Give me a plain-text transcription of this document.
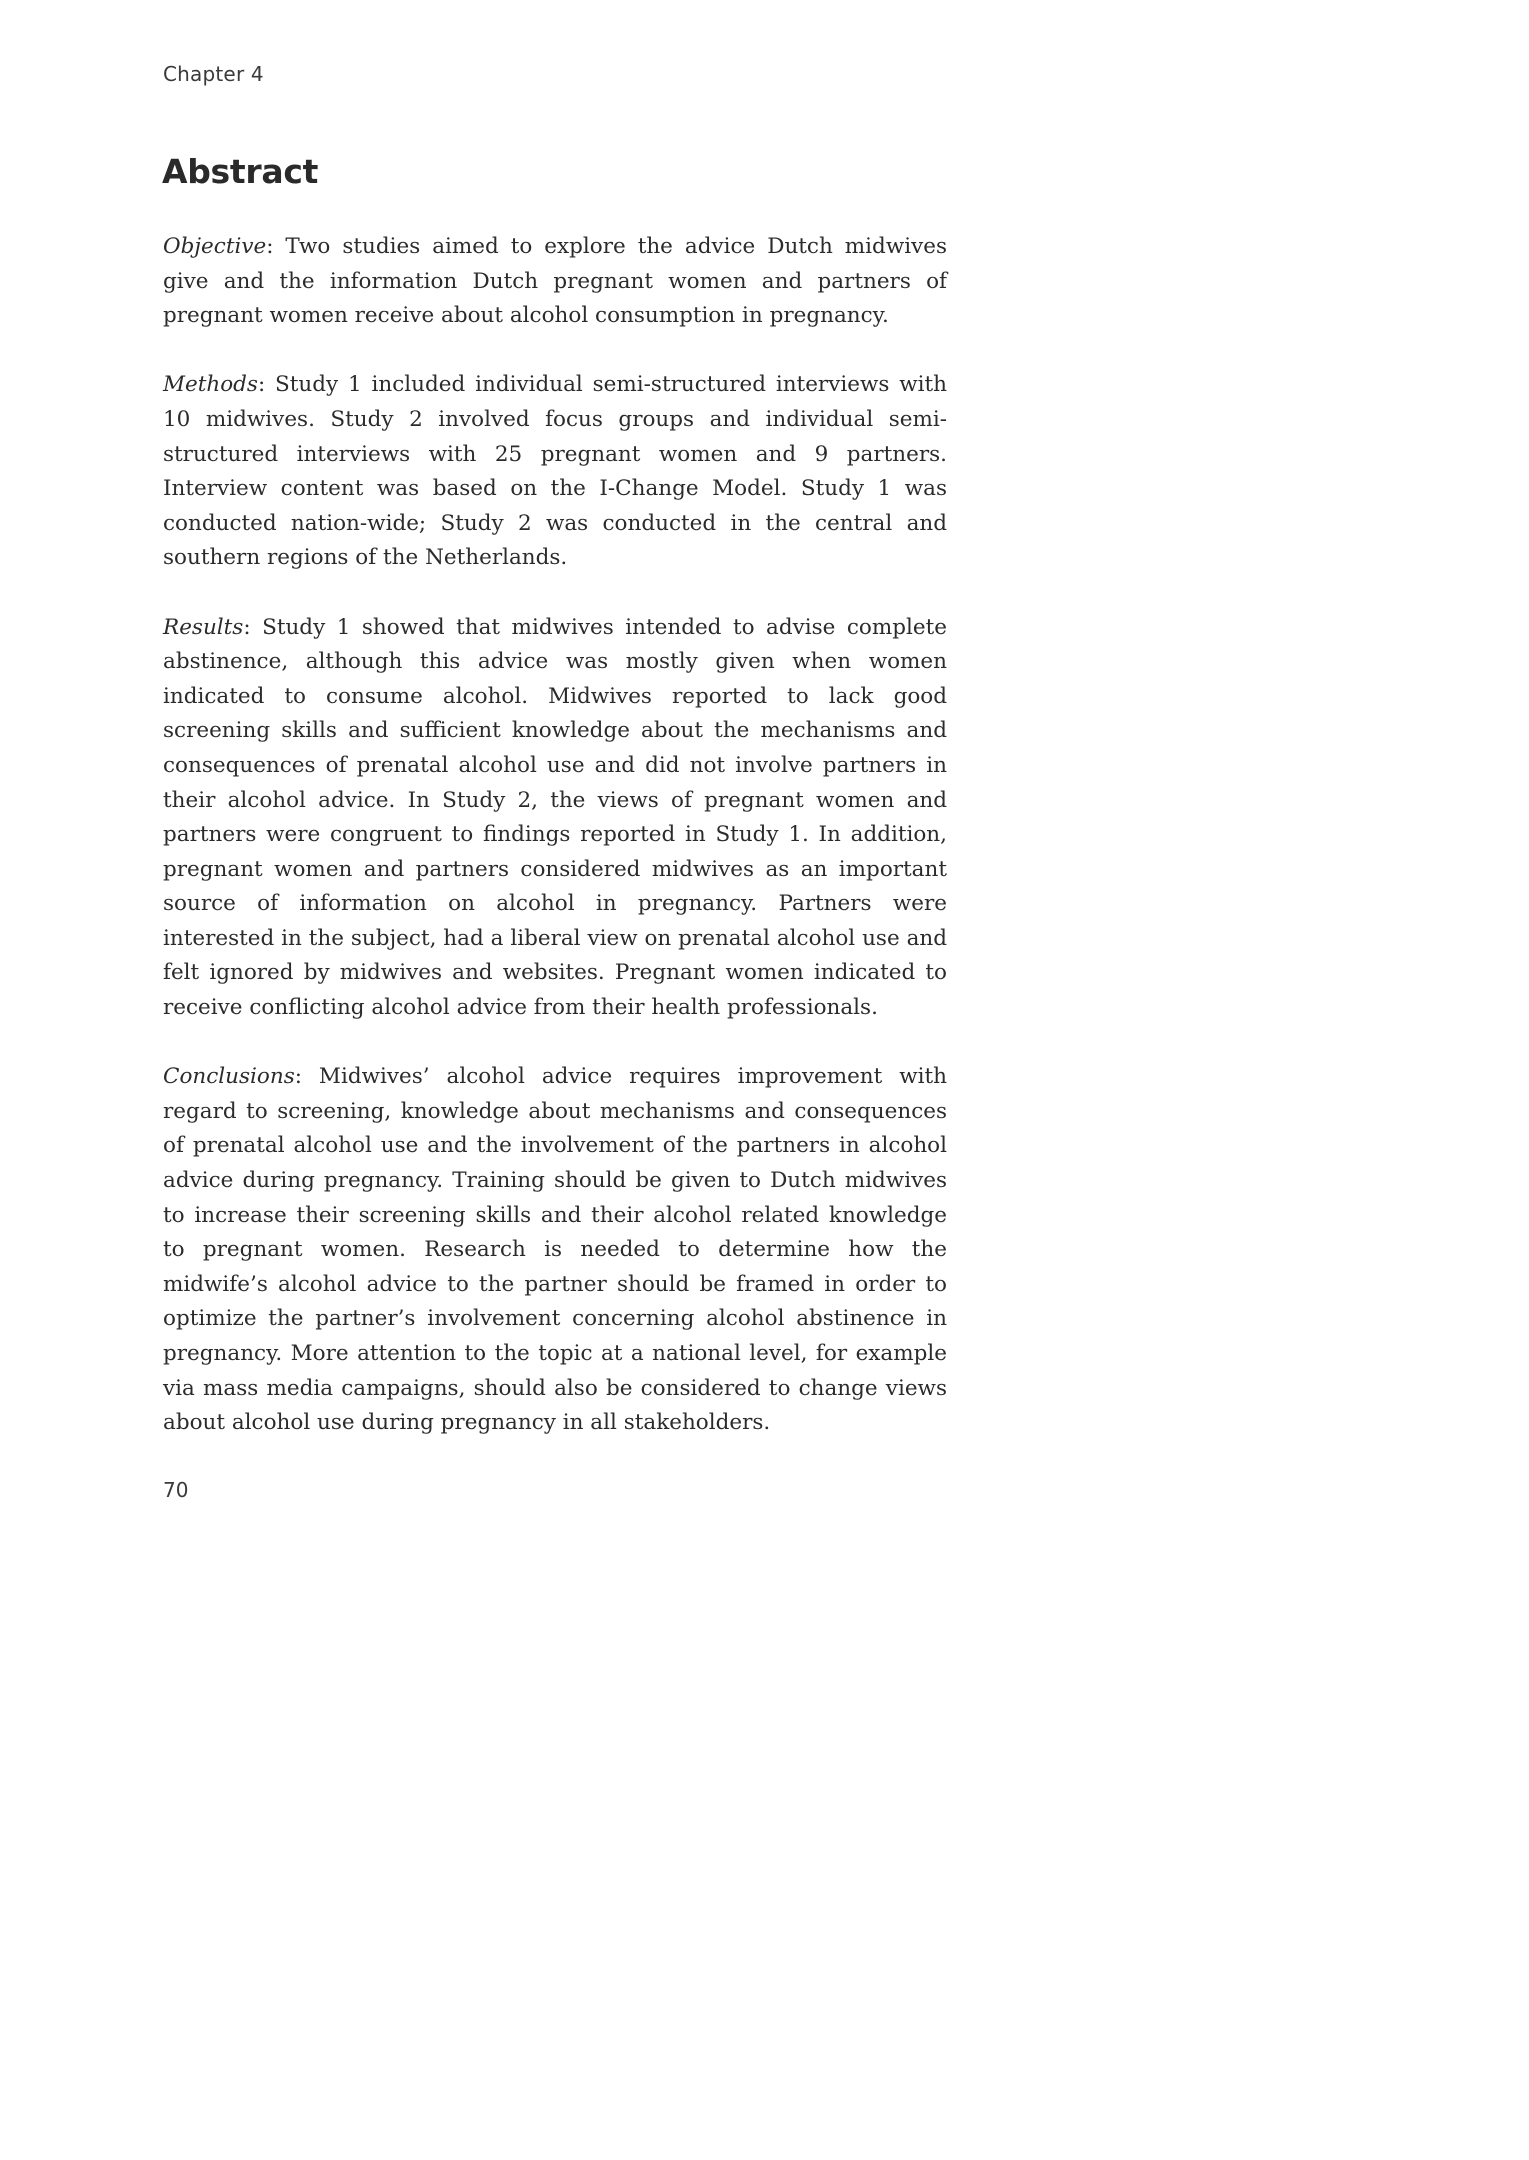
Chapter 4
Abstract

Objective: Two studies aimed to explore the advice Dutch midwives give and the information Dutch pregnant women and partners of pregnant women receive about alcohol consumption in pregnancy.

Methods: Study 1 included individual semi-structured interviews with 10 midwives. Study 2 involved focus groups and individual semi-structured interviews with 25 pregnant women and 9 partners. Interview content was based on the I-Change Model. Study 1 was conducted nation-wide; Study 2 was conducted in the central and southern regions of the Netherlands.

Results: Study 1 showed that midwives intended to advise complete abstinence, although this advice was mostly given when women indicated to consume alcohol. Midwives reported to lack good screening skills and sufficient knowledge about the mechanisms and consequences of prenatal alcohol use and did not involve partners in their alcohol advice. In Study 2, the views of pregnant women and partners were congruent to findings reported in Study 1. In addition, pregnant women and partners considered midwives as an important source of information on alcohol in pregnancy. Partners were interested in the subject, had a liberal view on prenatal alcohol use and felt ignored by midwives and websites. Pregnant women indicated to receive conflicting alcohol advice from their health professionals.

Conclusions: Midwives’ alcohol advice requires improvement with regard to screening, knowledge about mechanisms and consequences of prenatal alcohol use and the involvement of the partners in alcohol advice during pregnancy. Training should be given to Dutch midwives to increase their screening skills and their alcohol related knowledge to pregnant women. Research is needed to determine how the midwife’s alcohol advice to the partner should be framed in order to optimize the partner’s involvement concerning alcohol abstinence in pregnancy. More attention to the topic at a national level, for example via mass media campaigns, should also be considered to change views about alcohol use during pregnancy in all stakeholders.

70
